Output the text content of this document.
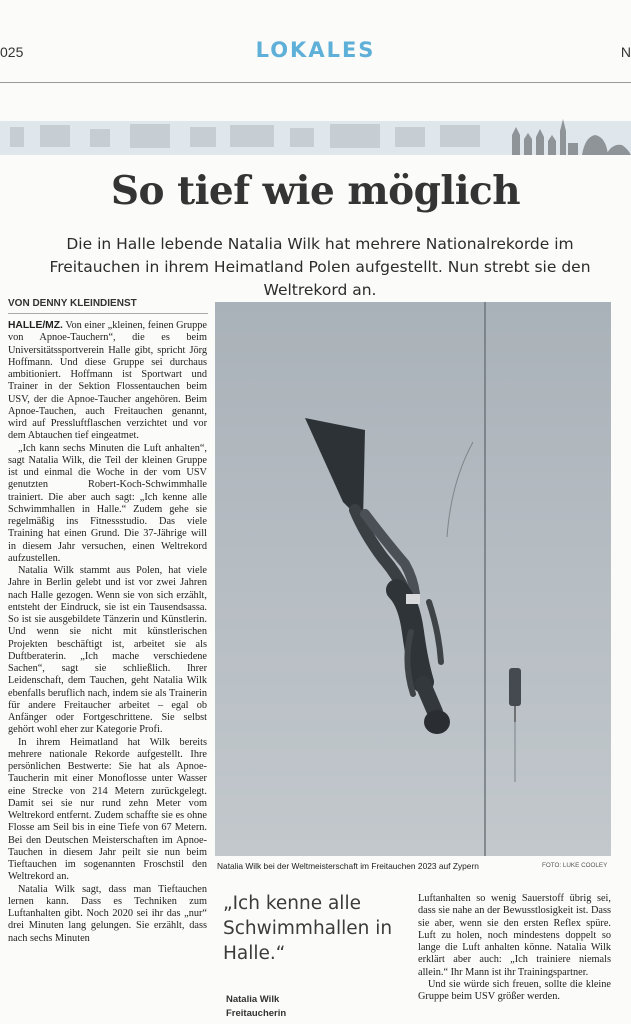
025	LOKALES	N
So tief wie möglich
Die in Halle lebende Natalia Wilk hat mehrere Nationalrekorde im Freitauchen in ihrem Heimatland Polen aufgestellt. Nun strebt sie den Weltrekord an.
VON DENNY KLEINDIENST

HALLE/MZ. Von einer „kleinen, feinen Gruppe von Apnoe-Tauchern“, die es beim Universitätssportverein Halle gibt, spricht Jörg Hoffmann. Und diese Gruppe sei durchaus ambitioniert. Hoffmann ist Sportwart und Trainer in der Sektion Flossentauchen beim USV, der die Apnoe-Taucher angehören. Beim Apnoe-Tauchen, auch Freitauchen genannt, wird auf Pressluftflaschen verzichtet und vor dem Abtauchen tief eingeatmet.

„Ich kann sechs Minuten die Luft anhalten“, sagt Natalia Wilk, die Teil der kleinen Gruppe ist und einmal die Woche in der vom USV genutzten Robert-Koch-Schwimmhalle trainiert. Die aber auch sagt: „Ich kenne alle Schwimmhallen in Halle.“ Zudem gehe sie regelmäßig ins Fitnessstudio. Das viele Training hat einen Grund. Die 37-Jährige will in diesem Jahr versuchen, einen Weltrekord aufzustellen.

Natalia Wilk stammt aus Polen, hat viele Jahre in Berlin gelebt und ist vor zwei Jahren nach Halle gezogen. Wenn sie von sich erzählt, entsteht der Eindruck, sie ist ein Tausendsassa. So ist sie ausgebildete Tänzerin und Künstlerin. Und wenn sie nicht mit künstlerischen Projekten beschäftigt ist, arbeitet sie als Duftberaterin. „Ich mache verschiedene Sachen“, sagt sie schließlich. Ihrer Leidenschaft, dem Tauchen, geht Natalia Wilk ebenfalls beruflich nach, indem sie als Trainerin für andere Freitaucher arbeitet – egal ob Anfänger oder Fortgeschrittene. Sie selbst gehört wohl eher zur Kategorie Profi.

In ihrem Heimatland hat Wilk bereits mehrere nationale Rekorde aufgestellt. Ihre persönlichen Bestwerte: Sie hat als Apnoe-Taucherin mit einer Monoflosse unter Wasser eine Strecke von 214 Metern zurückgelegt. Damit sei sie nur rund zehn Meter vom Weltrekord entfernt. Zudem schaffte sie es ohne Flosse am Seil bis in eine Tiefe von 67 Metern. Bei den Deutschen Meisterschaften im Apnoe-Tauchen in diesem Jahr peilt sie nun beim Tieftauchen im sogenannten Froschstil den Weltrekord an.

Natalia Wilk sagt, dass man Tieftauchen lernen kann. Dass es Techniken zum Luftanhalten gibt. Noch 2020 sei ihr das „nur“ drei Minuten lang gelungen. Sie erzählt, dass nach sechs Minuten

Natalia Wilk bei der Weltmeisterschaft im Freitauchen 2023 auf Zypern	FOTO: LUKE COOLEY
„Ich kenne alle Schwimmhallen in Halle.“
Natalia Wilk
Freitaucherin

Luftanhalten so wenig Sauerstoff übrig sei, dass sie nahe an der Bewusstlosigkeit ist. Dass sie aber, wenn sie den ersten Reflex spüre. Luft zu holen, noch mindestens doppelt so lange die Luft anhalten könne. Natalia Wilk erklärt aber auch: „Ich trainiere niemals allein.“ Ihr Mann ist ihr Trainingspartner.

Und sie würde sich freuen, sollte die kleine Gruppe beim USV größer werden.
